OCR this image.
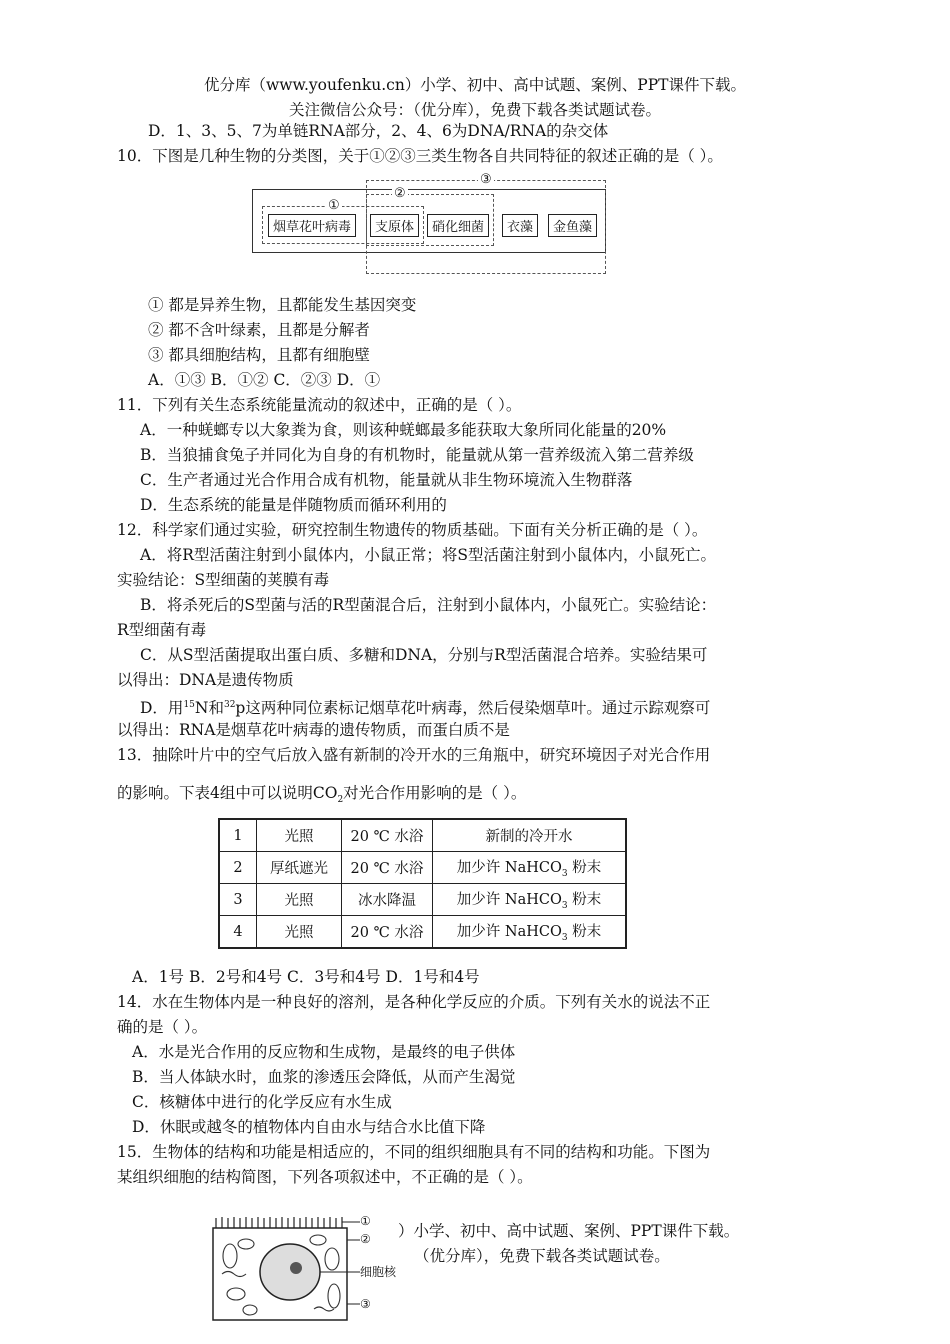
优分库（www.youfenku.cn）小学、初中、高中试题、案例、PPT课件下载。
关注微信公众号：（优分库），免费下载各类试题试卷。
D．1、3、5、7为单链RNA部分，2、4、6为DNA/RNA的杂交体
10．下图是几种生物的分类图，关于①②③三类生物各自共同特征的叙述正确的是（ ）。
③
②
①
烟草花叶病毒	支原体	硝化细菌	衣藻	金鱼藻
① 都是异养生物，且都能发生基因突变
② 都不含叶绿素，且都是分解者
③ 都具细胞结构，且都有细胞壁
A．①③ B．①② C．②③ D．①
11．下列有关生态系统能量流动的叙述中，正确的是（ ）。
A．一种蜣螂专以大象粪为食，则该种蜣螂最多能获取大象所同化能量的20%
B．当狼捕食兔子并同化为自身的有机物时，能量就从第一营养级流入第二营养级
C．生产者通过光合作用合成有机物，能量就从非生物环境流入生物群落
D．生态系统的能量是伴随物质而循环利用的
12．科学家们通过实验，研究控制生物遗传的物质基础。下面有关分析正确的是（ ）。
A．将R型活菌注射到小鼠体内，小鼠正常；将S型活菌注射到小鼠体内，小鼠死亡。
实验结论：S型细菌的荚膜有毒
B．将杀死后的S型菌与活的R型菌混合后，注射到小鼠体内，小鼠死亡。实验结论：
R型细菌有毒
C．从S型活菌提取出蛋白质、多糖和DNA，分别与R型活菌混合培养。实验结果可
以得出：DNA是遗传物质
D．用$^{15}$N和$^{32}$p这两种同位素标记烟草花叶病毒，然后侵染烟草叶。通过示踪观察可
以得出：RNA是烟草花叶病毒的遗传物质，而蛋白质不是
13．抽除叶片中的空气后放入盛有新制的冷开水的三角瓶中，研究环境因子对光合作用
的影响。下表4组中可以说明$CO_2$对光合作用影响的是（ ）。
1	光照	20 ℃ 水浴	新制的冷开水
2	厚纸遮光	20 ℃ 水浴	加少许 NaHCO$_3$ 粉末
3	光照	冰水降温	加少许 NaHCO$_3$ 粉末
4	光照	20 ℃ 水浴	加少许 NaHCO$_3$ 粉末
A．1号 B．2号和4号 C．3号和4号 D．1号和4号
14．水在生物体内是一种良好的溶剂，是各种化学反应的介质。下列有关水的说法不正
确的是（ ）。
A．水是光合作用的反应物和生成物，是最终的电子供体
B．当人体缺水时，血浆的渗透压会降低，从而产生渴觉
C．核糖体中进行的化学反应有水生成
D．休眠或越冬的植物体内自由水与结合水比值下降
15．生物体的结构和功能是相适应的，不同的组织细胞具有不同的结构和功能。下图为
某组织细胞的结构简图，下列各项叙述中，不正确的是（ ）。
①
②
细胞核
③
）小学、初中、高中试题、案例、PPT课件下载。
（优分库），免费下载各类试题试卷。
